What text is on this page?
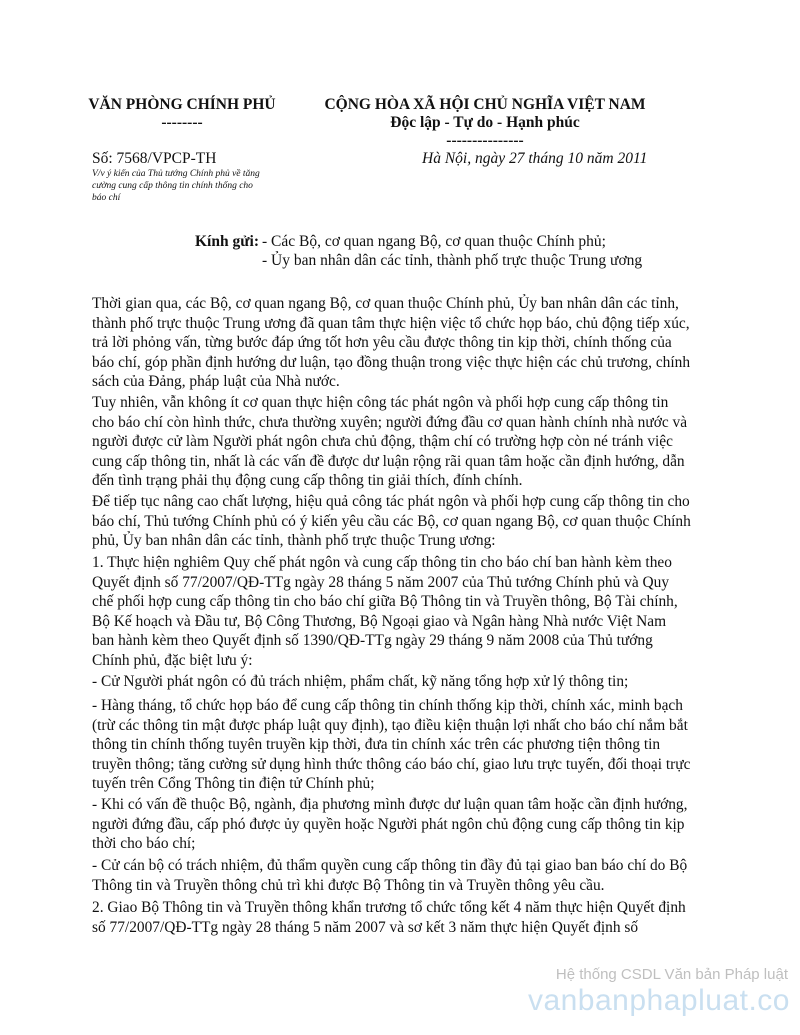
VĂN PHÒNG CHÍNH PHỦ
--------
CỘNG HÒA XÃ HỘI CHỦ NGHĨA VIỆT NAM
Độc lập - Tự do - Hạnh phúc
---------------
Số: 7568/VPCP-TH	Hà Nội, ngày 27 tháng 10 năm 2011
V/v ý kiến của Thủ tướng Chính phủ về tăng
cường cung cấp thông tin chính thống cho
báo chí
Kính gửi: - Các Bộ, cơ quan ngang Bộ, cơ quan thuộc Chính phủ;
- Ủy ban nhân dân các tỉnh, thành phố trực thuộc Trung ương
Thời gian qua, các Bộ, cơ quan ngang Bộ, cơ quan thuộc Chính phủ, Ủy ban nhân dân các tỉnh,
thành phố trực thuộc Trung ương đã quan tâm thực hiện việc tổ chức họp báo, chủ động tiếp xúc,
trả lời phỏng vấn, từng bước đáp ứng tốt hơn yêu cầu được thông tin kịp thời, chính thống của
báo chí, góp phần định hướng dư luận, tạo đồng thuận trong việc thực hiện các chủ trương, chính
sách của Đảng, pháp luật của Nhà nước.
Tuy nhiên, vẫn không ít cơ quan thực hiện công tác phát ngôn và phối hợp cung cấp thông tin
cho báo chí còn hình thức, chưa thường xuyên; người đứng đầu cơ quan hành chính nhà nước và
người được cử làm Người phát ngôn chưa chủ động, thậm chí có trường hợp còn né tránh việc
cung cấp thông tin, nhất là các vấn đề được dư luận rộng rãi quan tâm hoặc cần định hướng, dẫn
đến tình trạng phải thụ động cung cấp thông tin giải thích, đính chính.
Để tiếp tục nâng cao chất lượng, hiệu quả công tác phát ngôn và phối hợp cung cấp thông tin cho
báo chí, Thủ tướng Chính phủ có ý kiến yêu cầu các Bộ, cơ quan ngang Bộ, cơ quan thuộc Chính
phủ, Ủy ban nhân dân các tỉnh, thành phố trực thuộc Trung ương:
1. Thực hiện nghiêm Quy chế phát ngôn và cung cấp thông tin cho báo chí ban hành kèm theo
Quyết định số 77/2007/QĐ-TTg ngày 28 tháng 5 năm 2007 của Thủ tướng Chính phủ và Quy
chế phối hợp cung cấp thông tin cho báo chí giữa Bộ Thông tin và Truyền thông, Bộ Tài chính,
Bộ Kế hoạch và Đầu tư, Bộ Công Thương, Bộ Ngoại giao và Ngân hàng Nhà nước Việt Nam
ban hành kèm theo Quyết định số 1390/QĐ-TTg ngày 29 tháng 9 năm 2008 của Thủ tướng
Chính phủ, đặc biệt lưu ý:
- Cử Người phát ngôn có đủ trách nhiệm, phẩm chất, kỹ năng tổng hợp xử lý thông tin;
- Hàng tháng, tổ chức họp báo để cung cấp thông tin chính thống kịp thời, chính xác, minh bạch
(trừ các thông tin mật được pháp luật quy định), tạo điều kiện thuận lợi nhất cho báo chí nắm bắt
thông tin chính thống tuyên truyền kịp thời, đưa tin chính xác trên các phương tiện thông tin
truyền thông; tăng cường sử dụng hình thức thông cáo báo chí, giao lưu trực tuyến, đối thoại trực
tuyến trên Cổng Thông tin điện tử Chính phủ;
- Khi có vấn đề thuộc Bộ, ngành, địa phương mình được dư luận quan tâm hoặc cần định hướng,
người đứng đầu, cấp phó được ủy quyền hoặc Người phát ngôn chủ động cung cấp thông tin kịp
thời cho báo chí;
- Cử cán bộ có trách nhiệm, đủ thẩm quyền cung cấp thông tin đầy đủ tại giao ban báo chí do Bộ
Thông tin và Truyền thông chủ trì khi được Bộ Thông tin và Truyền thông yêu cầu.
2. Giao Bộ Thông tin và Truyền thông khẩn trương tổ chức tổng kết 4 năm thực hiện Quyết định
số 77/2007/QĐ-TTg ngày 28 tháng 5 năm 2007 và sơ kết 3 năm thực hiện Quyết định số
Hệ thống CSDL Văn bản Pháp luật
vanbanphapluat.co
